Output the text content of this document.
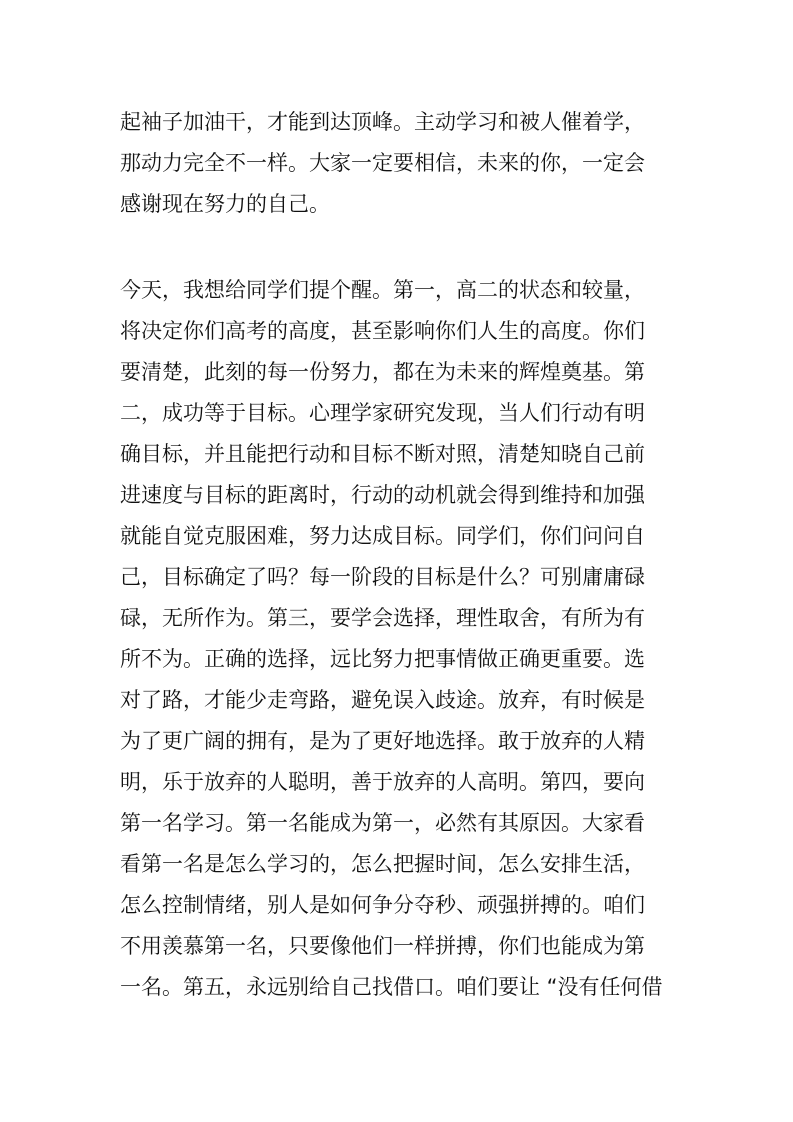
起袖子加油干，才能到达顶峰。主动学习和被人催着学，
那动力完全不一样。大家一定要相信，未来的你，一定会
感谢现在努力的自己。

今天，我想给同学们提个醒。第一，高二的状态和较量，
将决定你们高考的高度，甚至影响你们人生的高度。你们
要清楚，此刻的每一份努力，都在为未来的辉煌奠基。第
二，成功等于目标。心理学家研究发现，当人们行动有明
确目标，并且能把行动和目标不断对照，清楚知晓自己前
进速度与目标的距离时，行动的动机就会得到维持和加强
就能自觉克服困难，努力达成目标。同学们，你们问问自
己，目标确定了吗？每一阶段的目标是什么？可别庸庸碌
碌，无所作为。第三，要学会选择，理性取舍，有所为有
所不为。正确的选择，远比努力把事情做正确更重要。选
对了路，才能少走弯路，避免误入歧途。放弃，有时候是
为了更广阔的拥有，是为了更好地选择。敢于放弃的人精
明，乐于放弃的人聪明，善于放弃的人高明。第四，要向
第一名学习。第一名能成为第一，必然有其原因。大家看
看第一名是怎么学习的，怎么把握时间，怎么安排生活，
怎么控制情绪，别人是如何争分夺秒、顽强拼搏的。咱们
不用羡慕第一名，只要像他们一样拼搏，你们也能成为第
一名。第五，永远别给自己找借口。咱们要让 “没有任何借
